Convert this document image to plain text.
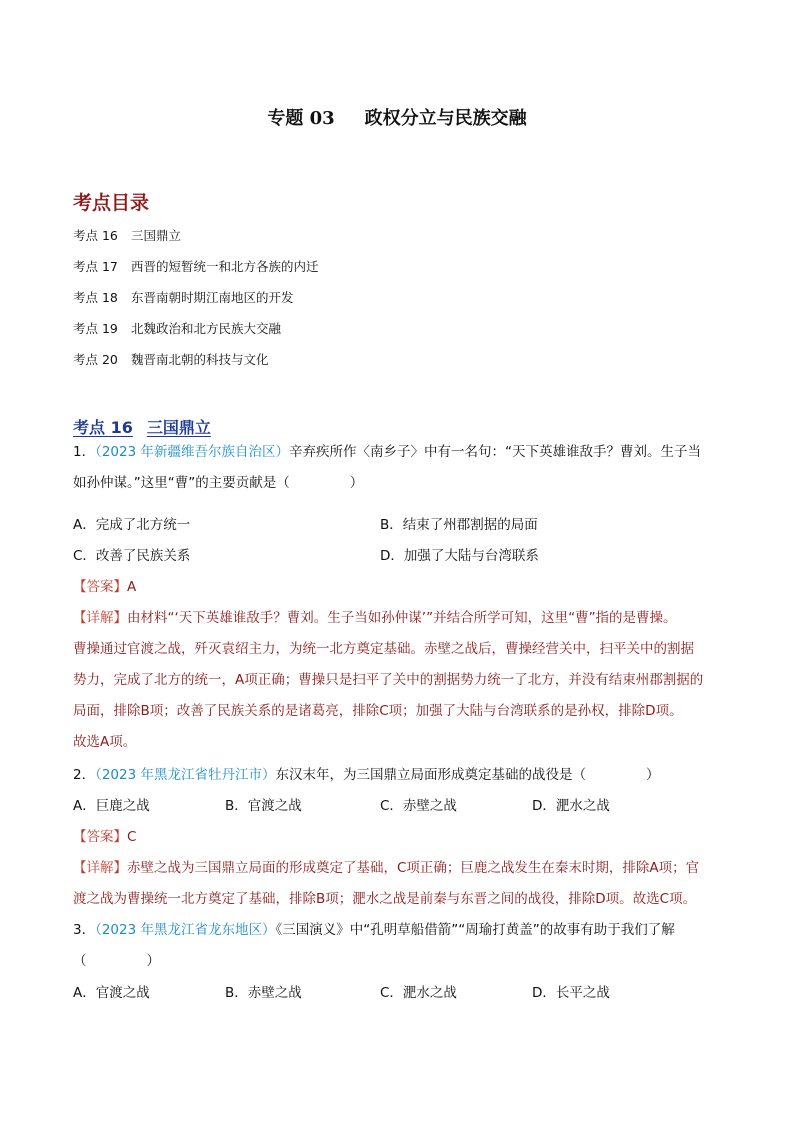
专题 03 政权分立与民族交融
考点目录
考点 16 三国鼎立
考点 17 西晋的短暂统一和北方各族的内迁
考点 18 东晋南朝时期江南地区的开发
考点 19 北魏政治和北方民族大交融
考点 20 魏晋南北朝的科技与文化
考点 16 三国鼎立
1．（2023 年新疆维吾尔族自治区）辛弃疾所作〈南乡子〉中有一名句：“天下英雄谁敌手？曹刘。生子当
如孙仲谋。”这里“曹”的主要贡献是（	）
A．完成了北方统一	B．结束了州郡割据的局面
C．改善了民族关系	D．加强了大陆与台湾联系
【答案】A
【详解】由材料“‘天下英雄谁敌手？曹刘。生子当如孙仲谋’”并结合所学可知，这里“曹”指的是曹操。
曹操通过官渡之战，歼灭袁绍主力，为统一北方奠定基础。赤壁之战后，曹操经营关中，扫平关中的割据
势力，完成了北方的统一，A项正确；曹操只是扫平了关中的割据势力统一了北方，并没有结束州郡割据的
局面，排除B项；改善了民族关系的是诸葛亮，排除C项；加强了大陆与台湾联系的是孙权，排除D项。
故选A项。
2．（2023 年黑龙江省牡丹江市）东汉末年，为三国鼎立局面形成奠定基础的战役是（	）
A．巨鹿之战	B．官渡之战	C．赤壁之战	D．淝水之战
【答案】C
【详解】赤壁之战为三国鼎立局面的形成奠定了基础，C项正确；巨鹿之战发生在秦末时期，排除A项；官
渡之战为曹操统一北方奠定了基础，排除B项；淝水之战是前秦与东晋之间的战役，排除D项。故选C项。
3．（2023 年黑龙江省龙东地区）《三国演义》中“孔明草船借箭”“周瑜打黄盖”的故事有助于我们了解
（	）
A．官渡之战	B．赤壁之战	C．淝水之战	D．长平之战
